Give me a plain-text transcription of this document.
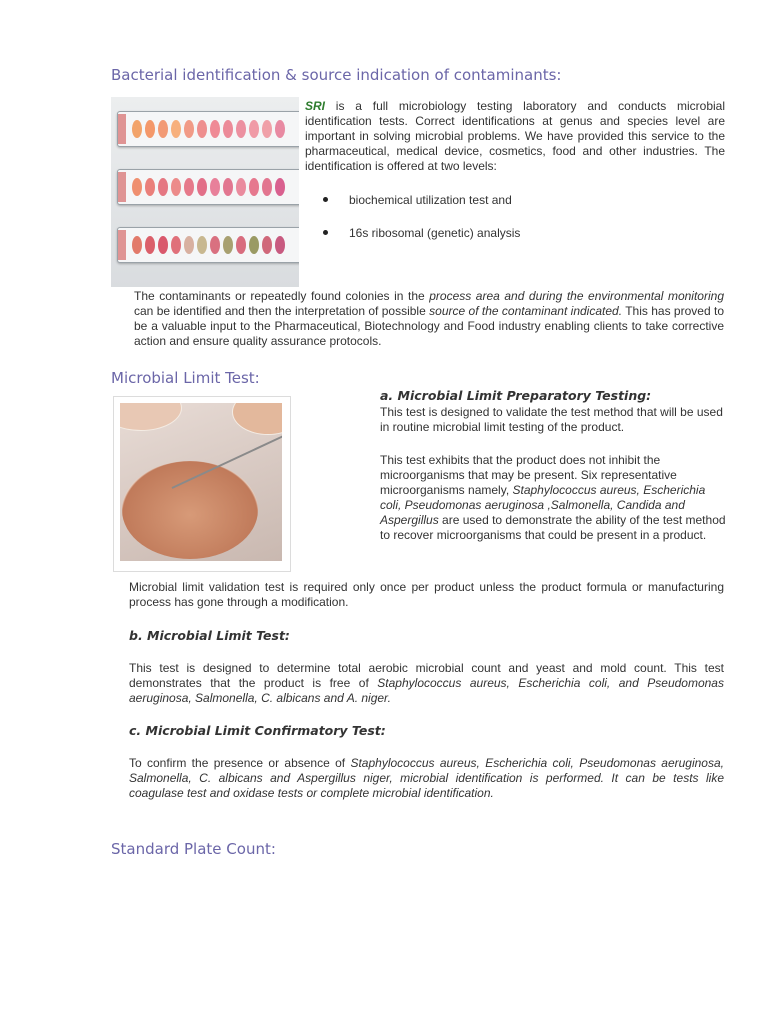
Bacterial identification & source indication of contaminants:

SRI is a full microbiology testing laboratory and conducts microbial identification tests. Correct identifications at genus and species level are important in solving microbial problems. We have provided this service to the pharmaceutical, medical device, cosmetics, food and other industries. The identification is offered at two levels:

biochemical utilization test and
16s ribosomal (genetic) analysis

The contaminants or repeatedly found colonies in the process area and during the environmental monitoring can be identified and then the interpretation of possible source of the contaminant indicated. This has proved to be a valuable input to the Pharmaceutical, Biotechnology and Food industry enabling clients to take corrective action and ensure quality assurance protocols.

Microbial Limit Test:

a. Microbial Limit Preparatory Testing:

This test is designed to validate the test method that will be used in routine microbial limit testing of the product.

This test exhibits that the product does not inhibit the microorganisms that may be present. Six representative microorganisms namely, Staphylococcus aureus, Escherichia coli, Pseudomonas aeruginosa ,Salmonella, Candida and Aspergillus are used to demonstrate the ability of the test method to recover microorganisms that could be present in a product.

Microbial limit validation test is required only once per product unless the product formula or manufacturing process has gone through a modification.

b. Microbial Limit Test:

This test is designed to determine total aerobic microbial count and yeast and mold count. This test demonstrates that the product is free of Staphylococcus aureus, Escherichia coli, and Pseudomonas aeruginosa, Salmonella, C. albicans and A. niger.

c. Microbial Limit Confirmatory Test:

To confirm the presence or absence of Staphylococcus aureus, Escherichia coli, Pseudomonas aeruginosa, Salmonella, C. albicans and Aspergillus niger, microbial identification is performed. It can be tests like coagulase test and oxidase tests or complete microbial identification.

Standard Plate Count:
